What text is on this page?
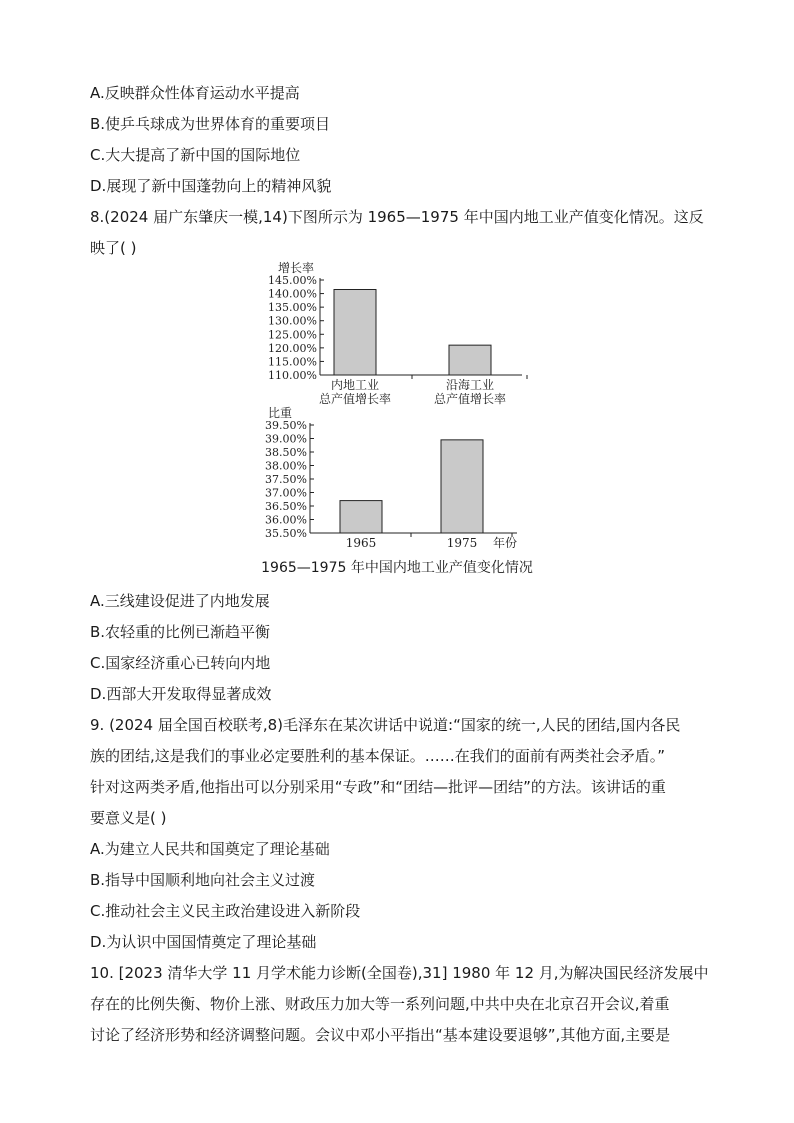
A.反映群众性体育运动水平提高
B.使乒乓球成为世界体育的重要项目
C.大大提高了新中国的国际地位
D.展现了新中国蓬勃向上的精神风貌
8.(2024 届广东肇庆一模,14)下图所示为 1965—1975 年中国内地工业产值变化情况。这反
映了( )
增长率
110.00%
115.00%
120.00%
125.00%
130.00%
135.00%
140.00%
145.00%
内地工业
总产值增长率
沿海工业
总产值增长率
比重
35.50%
36.00%
36.50%
37.00%
37.50%
38.00%
38.50%
39.00%
39.50%
1965	1975 年份
1965—1975 年中国内地工业产值变化情况
A.三线建设促进了内地发展
B.农轻重的比例已渐趋平衡
C.国家经济重心已转向内地
D.西部大开发取得显著成效
9. (2024 届全国百校联考,8)毛泽东在某次讲话中说道:“国家的统一,人民的团结,国内各民
族的团结,这是我们的事业必定要胜利的基本保证。……在我们的面前有两类社会矛盾。”
针对这两类矛盾,他指出可以分别采用“专政”和“团结—批评—团结”的方法。该讲话的重
要意义是( )
A.为建立人民共和国奠定了理论基础
B.指导中国顺利地向社会主义过渡
C.推动社会主义民主政治建设进入新阶段
D.为认识中国国情奠定了理论基础
10. [2023 清华大学 11 月学术能力诊断(全国卷),31] 1980 年 12 月,为解决国民经济发展中
存在的比例失衡、物价上涨、财政压力加大等一系列问题,中共中央在北京召开会议,着重
讨论了经济形势和经济调整问题。会议中邓小平指出“基本建设要退够”,其他方面,主要是
